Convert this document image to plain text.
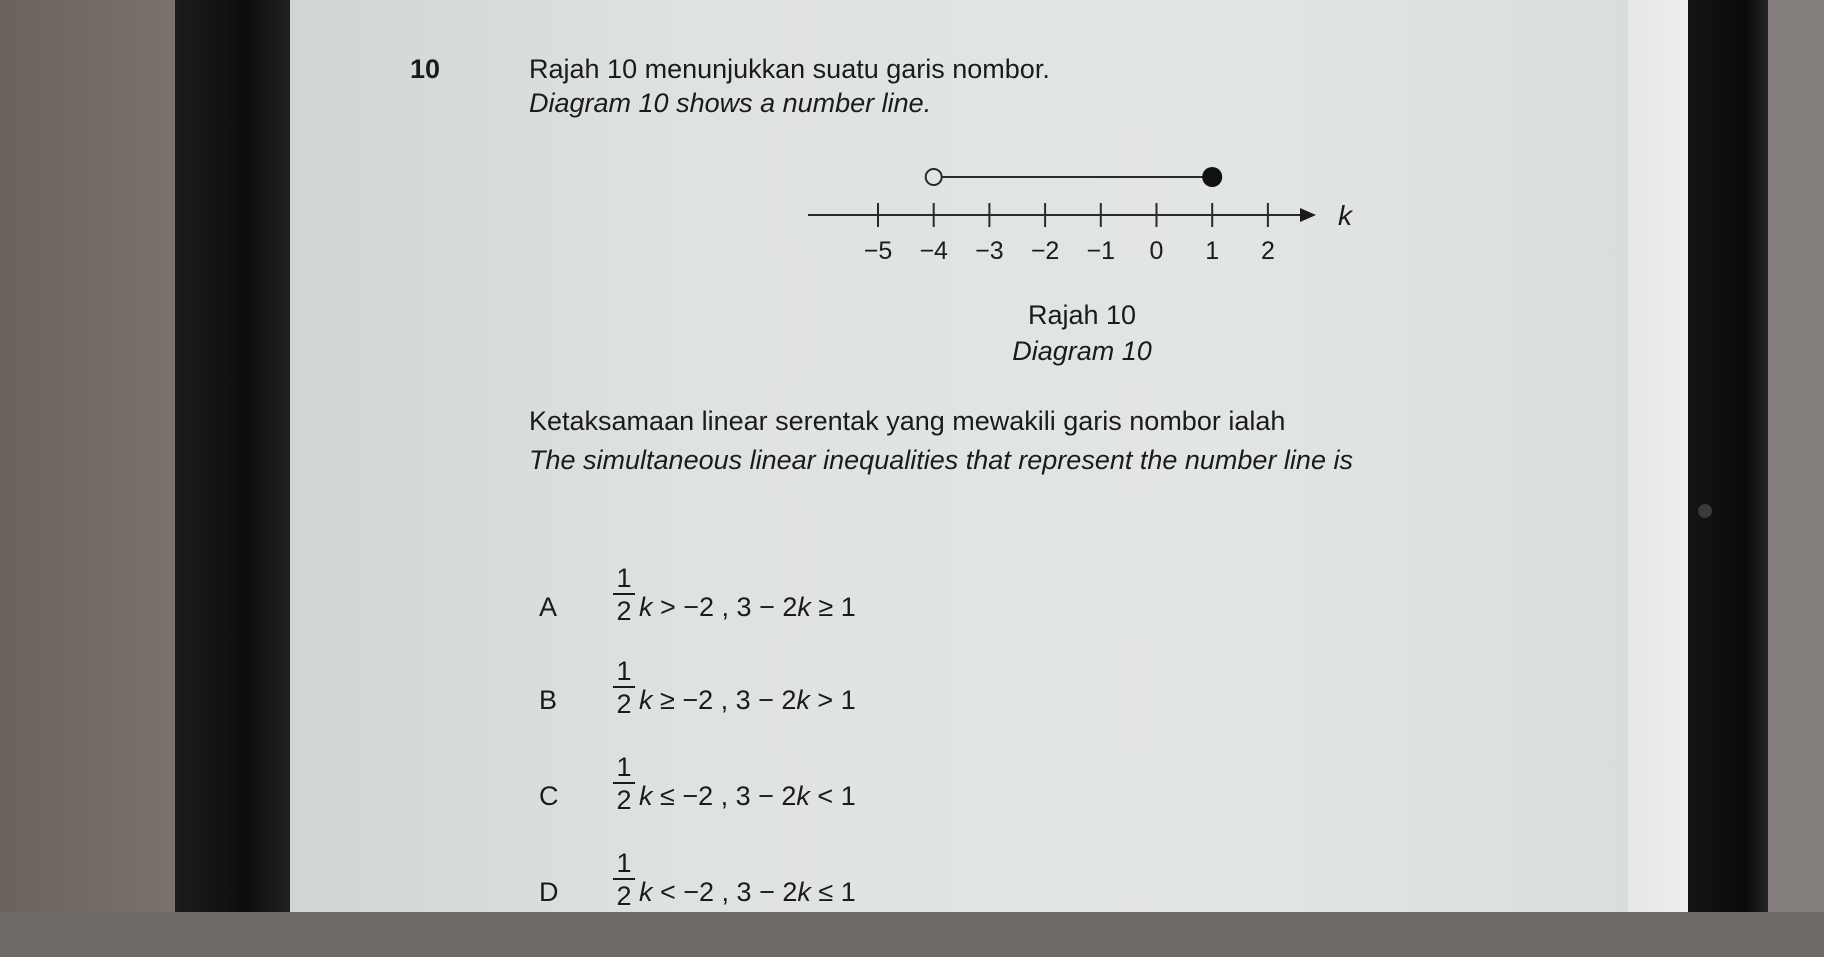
10	Rajah 10 menunjukkan suatu garis nombor.
Diagram 10 shows a number line.
k
−5 −4 −3 −2 −1 0 1 2
Rajah 10
Diagram 10
Ketaksamaan linear serentak yang mewakili garis nombor ialah
The simultaneous linear inequalities that represent the number line is
A
1
2 k > −2 , 3 − 2k ≥ 1
B
1
2 k ≥ −2 , 3 − 2k > 1
C
1
2 k ≤ −2 , 3 − 2k < 1
D
1
2 k < −2 , 3 − 2k ≤ 1
